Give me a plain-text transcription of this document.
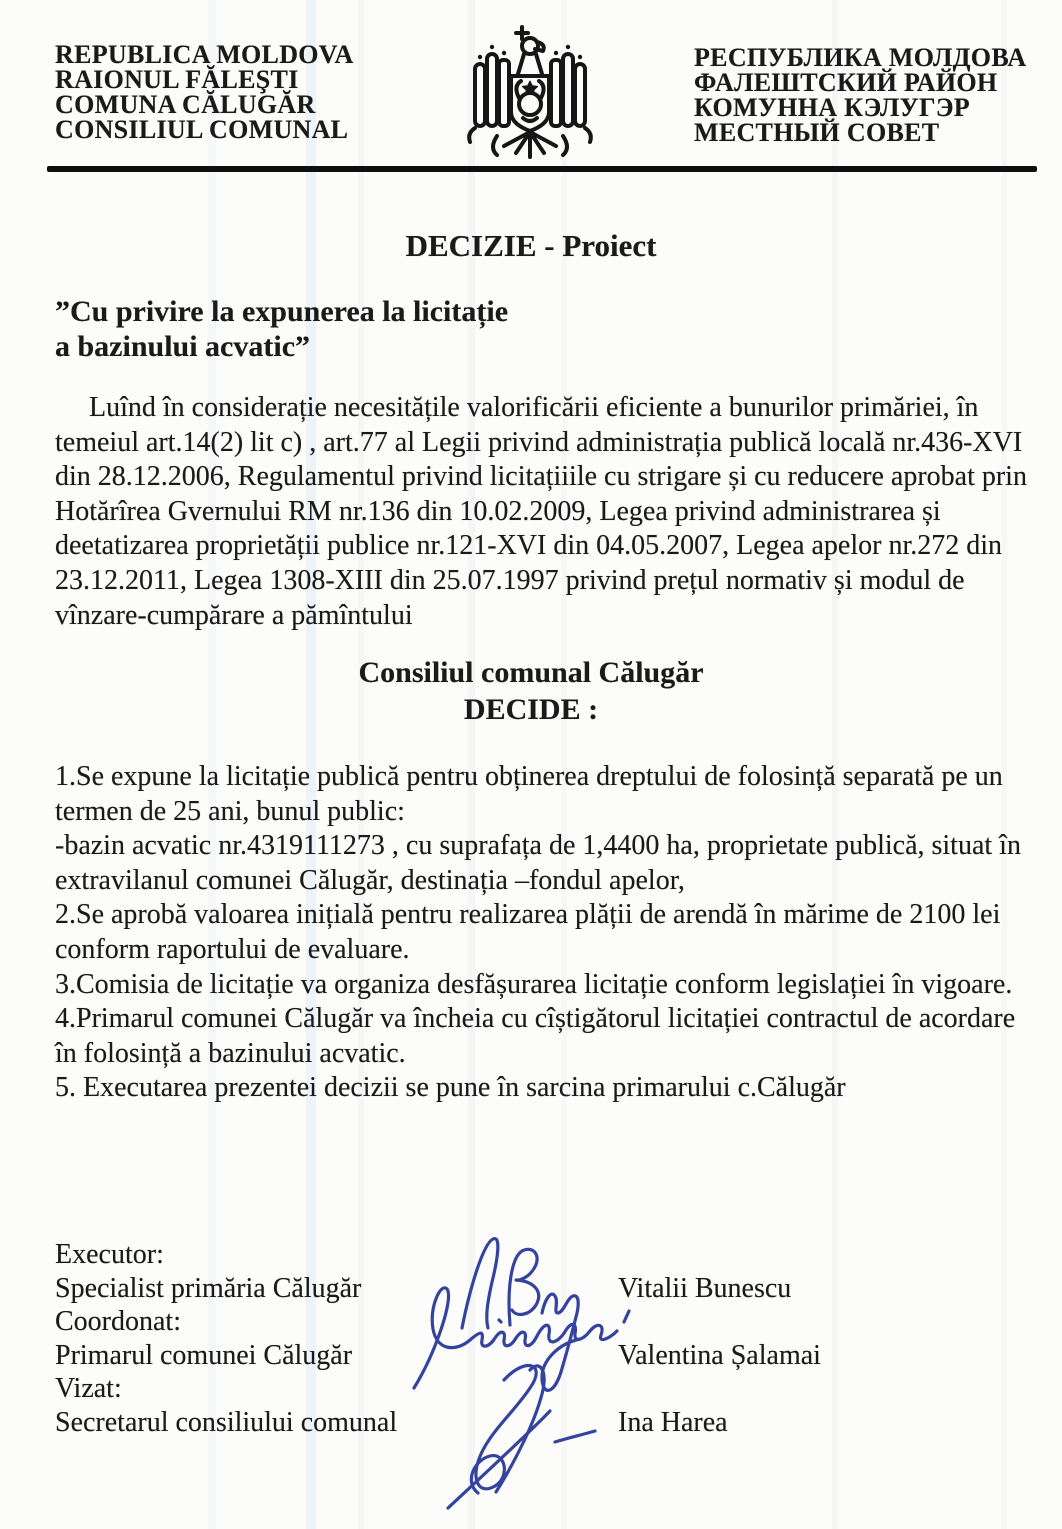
REPUBLICA MOLDOVA
RAIONUL FĂLEŞTI
COMUNA CĂLUGĂR
CONSILIUL COMUNAL
РЕСПУБЛИКА МОЛДОВА
ФАЛЕШТСКИЙ РАЙОН
КОМУННА КЭЛУГЭР
МЕСТНЫЙ СОВЕТ
DECIZIE - Proiect
”Cu privire la expunerea la licitație
a bazinului acvatic”
Luînd în considerație necesitățile valorificării eficiente a bunurilor primăriei, în temeiul art.14(2) lit c) , art.77 al Legii privind administrația publică locală nr.436-XVI din 28.12.2006, Regulamentul privind licitațiiile cu strigare și cu reducere aprobat prin Hotărîrea Gvernului RM nr.136 din 10.02.2009, Legea privind administrarea și deetatizarea proprietății publice nr.121-XVI din 04.05.2007, Legea apelor nr.272 din 23.12.2011, Legea 1308-XIII din 25.07.1997 privind prețul normativ și modul de vînzare-cumpărare a pămîntului
Consiliul comunal Călugăr
DECIDE :
1.Se expune la licitație publică pentru obținerea dreptului de folosință separată pe un termen de 25 ani, bunul public:
-bazin acvatic nr.4319111273 , cu suprafața de 1,4400 ha, proprietate publică, situat în extravilanul comunei Călugăr, destinația –fondul apelor,
2.Se aprobă valoarea inițială pentru realizarea plății de arendă în mărime de 2100 lei conform raportului de evaluare.
3.Comisia de licitație va organiza desfășurarea licitație conform legislației în vigoare.
4.Primarul comunei Călugăr va încheia cu cîștigătorul licitației contractul de acordare în folosință a bazinului acvatic.
5. Executarea prezentei decizii se pune în sarcina primarului c.Călugăr
Executor:
Specialist primăria Călugăr	Vitalii Bunescu
Coordonat:
Primarul comunei Călugăr	Valentina Șalamai
Vizat:
Secretarul consiliului comunal	Ina Harea
